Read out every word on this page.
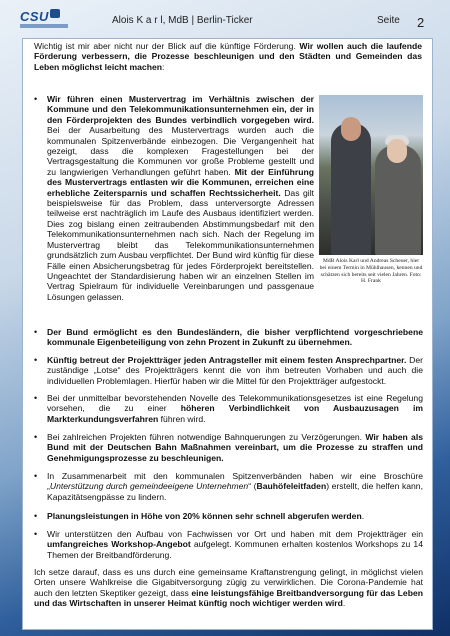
CSU	Alois K a r l, MdB | Berlin-Ticker	Seite 2
Wichtig ist mir aber nicht nur der Blick auf die künftige Förderung. Wir wollen auch die laufende Förderung verbessern, die Prozesse beschleunigen und den Städten und Gemeinden das Leben möglichst leicht machen:
• Wir führen einen Mustervertrag im Verhältnis zwischen der Kommune und den Telekommunikationsunternehmen ein, der in den Förderprojekten des Bundes verbindlich vorgegeben wird. Bei der Ausarbeitung des Mustervertrags wurden auch die kommunalen Spitzenverbände einbezogen. Die Vergangenheit hat gezeigt, dass die komplexen Fragestellungen bei der Vertragsgestaltung die Kommunen vor große Probleme gestellt und zu langwierigen Verhandlungen geführt haben. Mit der Einführung des Mustervertrags entlasten wir die Kommunen, erreichen eine erhebliche Zeitersparnis und schaffen Rechtssicherheit. Das gilt beispielsweise für das Problem, dass unterversorgte Adressen teilweise erst nachträglich im Laufe des Ausbaus identifiziert werden. Dies zog bislang einen zeitraubenden Abstimmungsbedarf mit den Telekommunikationsunternehmen nach sich. Nach der Regelung im Mustervertrag bleibt das Telekommunikationsunternehmen grundsätzlich zum Ausbau verpflichtet. Der Bund wird künftig für diese Fälle einen Absicherungsbetrag für jedes Förderprojekt bereitstellen. Ungeachtet der Standardisierung haben wir an einzelnen Stellen im Vertrag Spielraum für individuelle Vereinbarungen und passgenaue Lösungen gelassen.
MdB Alois Karl und Andreas Scheuer, hier bei einem Termin in Mühlhausen, kennen und schätzen sich bereits seit vielen Jahren. Foto: H. Frank
• Der Bund ermöglicht es den Bundesländern, die bisher verpflichtend vorgeschriebene kommunale Eigenbeteiligung von zehn Prozent in Zukunft zu übernehmen.
• Künftig betreut der Projektträger jeden Antragsteller mit einem festen Ansprechpartner. Der zuständige „Lotse“ des Projektträgers kennt die von ihm betreuten Vorhaben und auch die individuellen Problemlagen. Hierfür haben wir die Mittel für den Projektträger aufgestockt.
• Bei der unmittelbar bevorstehenden Novelle des Telekommunikationsgesetzes ist eine Regelung vorsehen, die zu einer höheren Verbindlichkeit von Ausbauzusagen im Markterkundungsverfahren führen wird.
• Bei zahlreichen Projekten führen notwendige Bahnquerungen zu Verzögerungen. Wir haben als Bund mit der Deutschen Bahn Maßnahmen vereinbart, um die Prozesse zu straffen und Genehmigungsprozesse zu beschleunigen.
• In Zusammenarbeit mit den kommunalen Spitzenverbänden haben wir eine Broschüre „Unterstützung durch gemeindeeigene Unternehmen“ (Bauhöfeleitfaden) erstellt, die helfen kann, Kapazitätsengpässe zu lindern.
• Planungsleistungen in Höhe von 20% können sehr schnell abgerufen werden.
• Wir unterstützen den Aufbau von Fachwissen vor Ort und haben mit dem Projektträger ein umfangreiches Workshop-Angebot aufgelegt. Kommunen erhalten kostenlos Workshops zu 14 Themen der Breitbandförderung.
Ich setze darauf, dass es uns durch eine gemeinsame Kraftanstrengung gelingt, in möglichst vielen Orten unsere Wahlkreise die Gigabitversorgung zügig zu verwirklichen. Die Corona-Pandemie hat auch den letzten Skeptiker gezeigt, dass eine leistungsfähige Breitbandversorgung für das Leben und das Wirtschaften in unserer Heimat künftig noch wichtiger werden wird.
